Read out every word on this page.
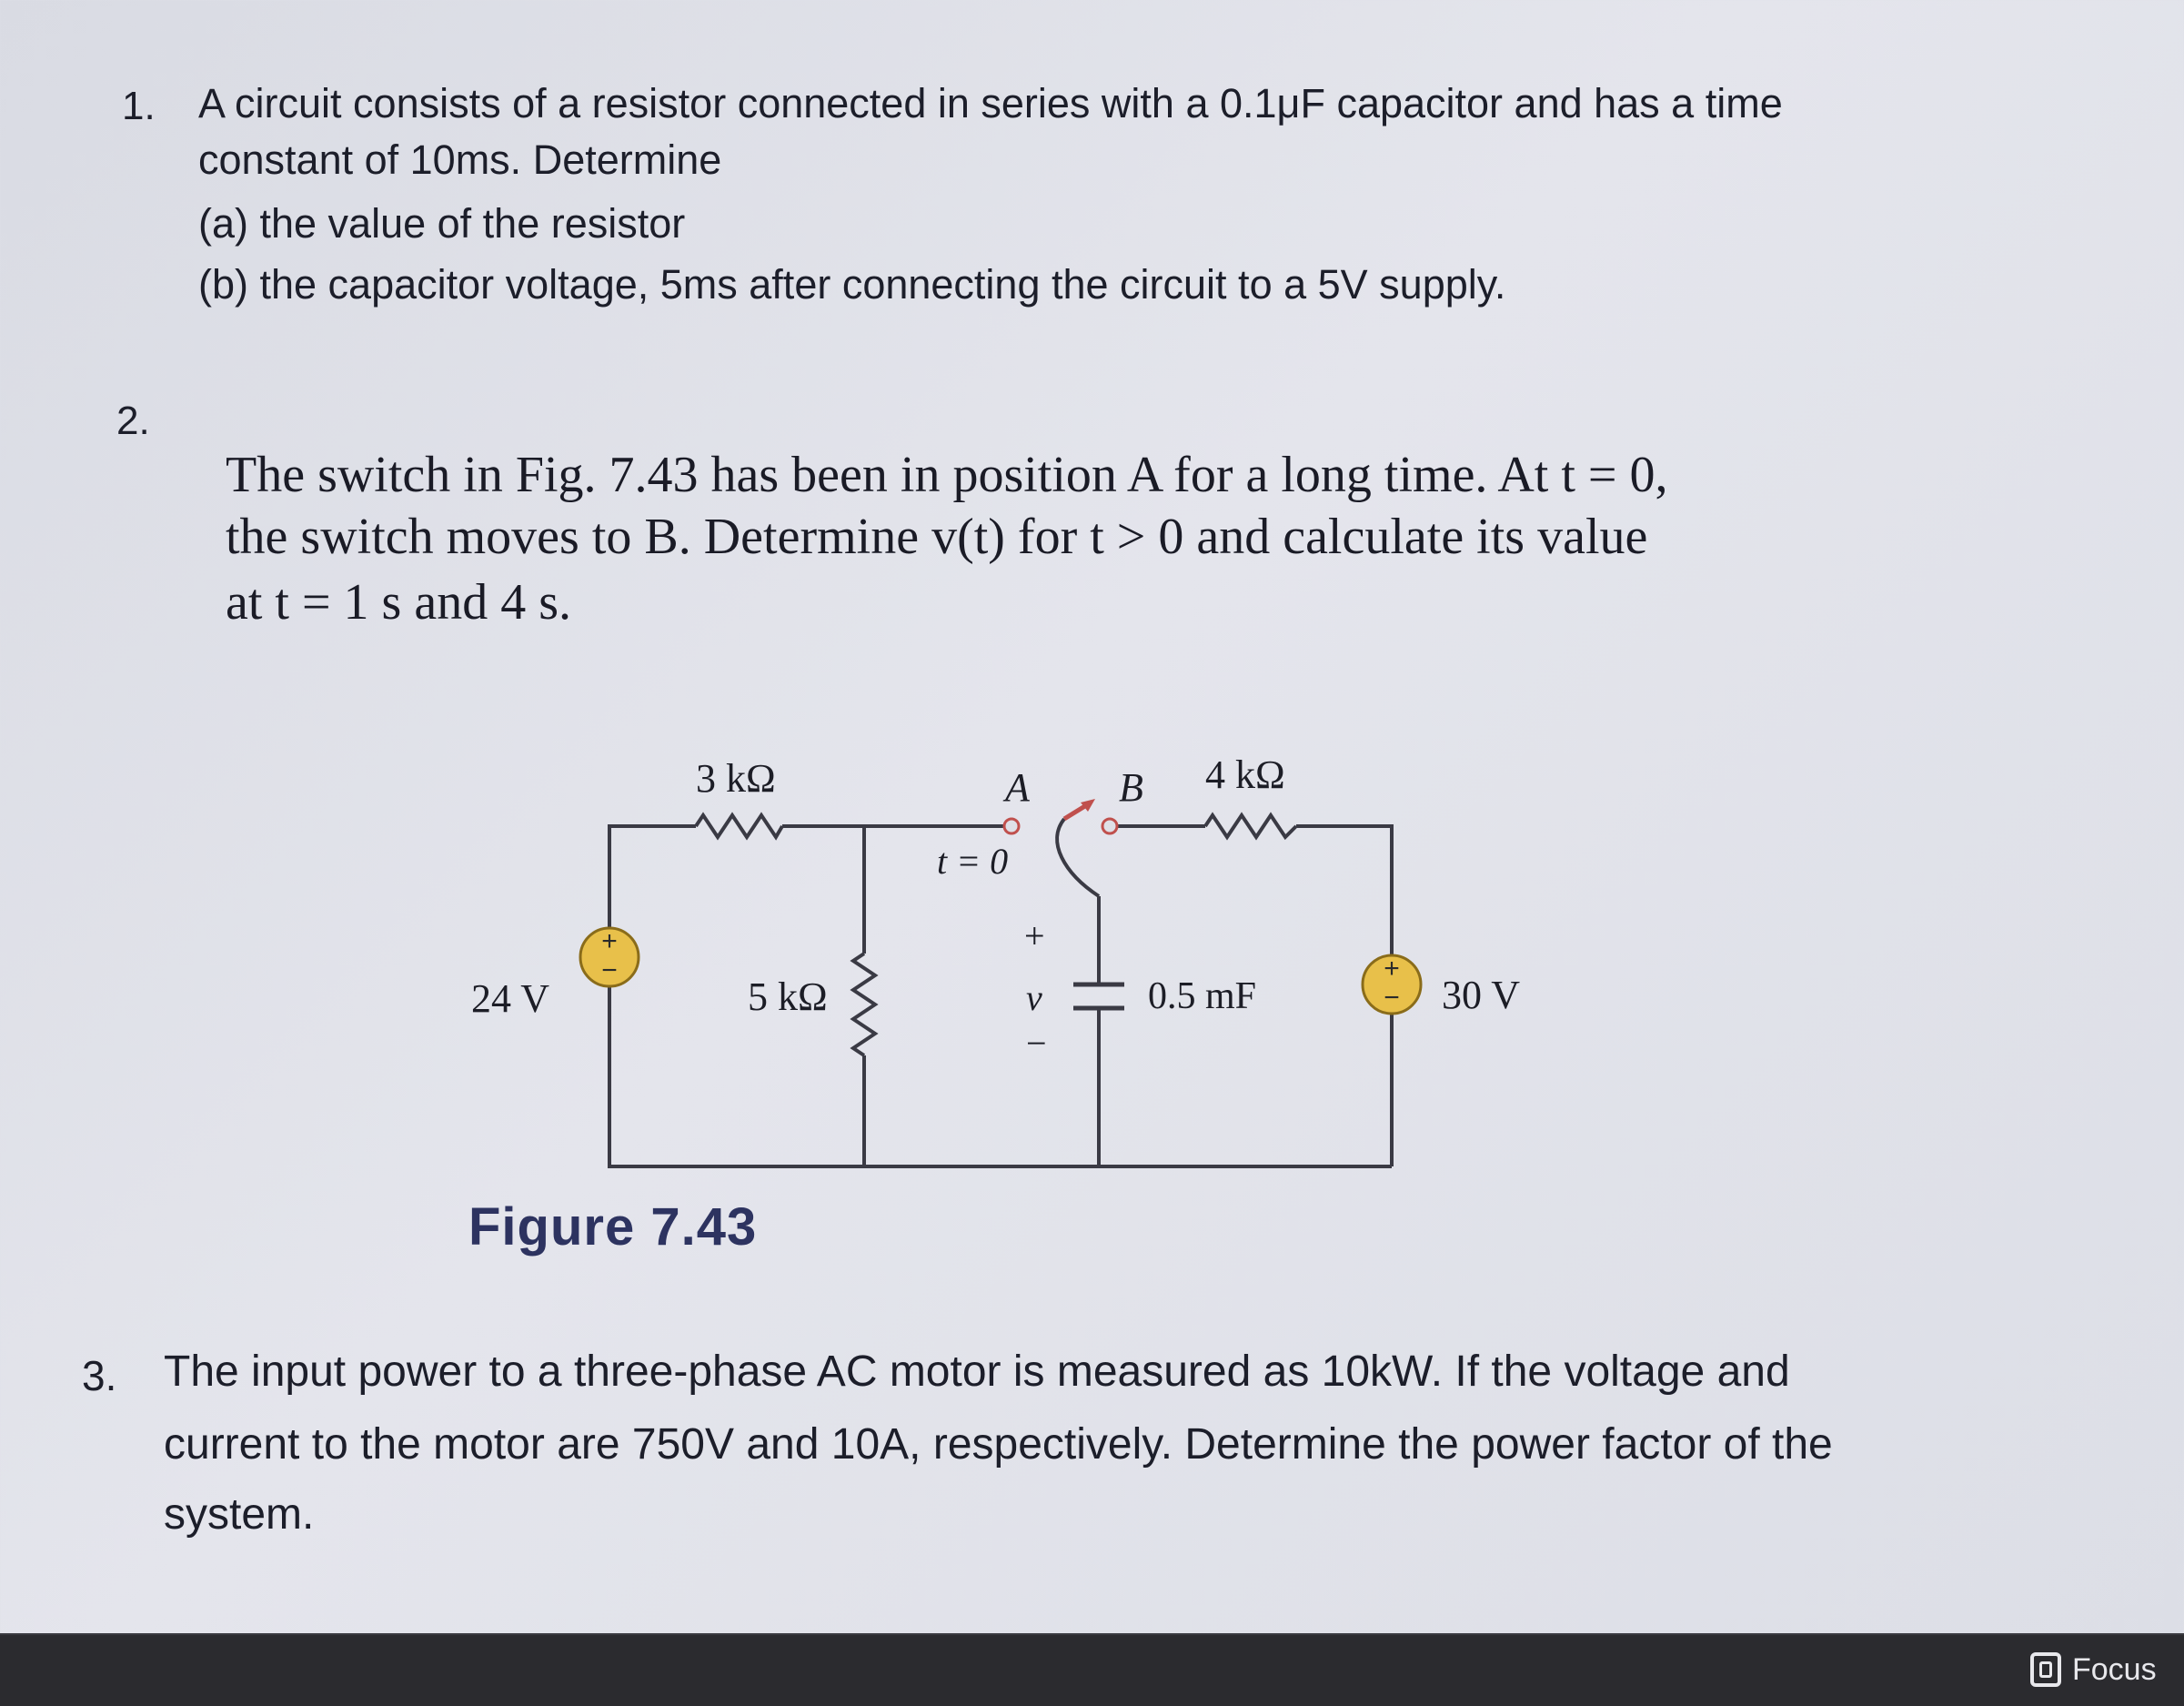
1. A circuit consists of a resistor connected in series with a 0.1μF capacitor and has a time
constant of 10ms. Determine
(a) the value of the resistor
(b) the capacitor voltage, 5ms after connecting the circuit to a 5V supply.
2.
The switch in Fig. 7.43 has been in position A for a long time. At t = 0,
the switch moves to B. Determine v(t) for t > 0 and calculate its value
at t = 1 s and 4 s.
+
−	+
−
3 kΩ	4 kΩ
5 kΩ
24 V	30 V
0.5 mF
A B
t = 0
+
v
−
Figure 7.43
3. The input power to a three-phase AC motor is measured as 10kW. If the voltage and
current to the motor are 750V and 10A, respectively. Determine the power factor of the
system.
Focus
